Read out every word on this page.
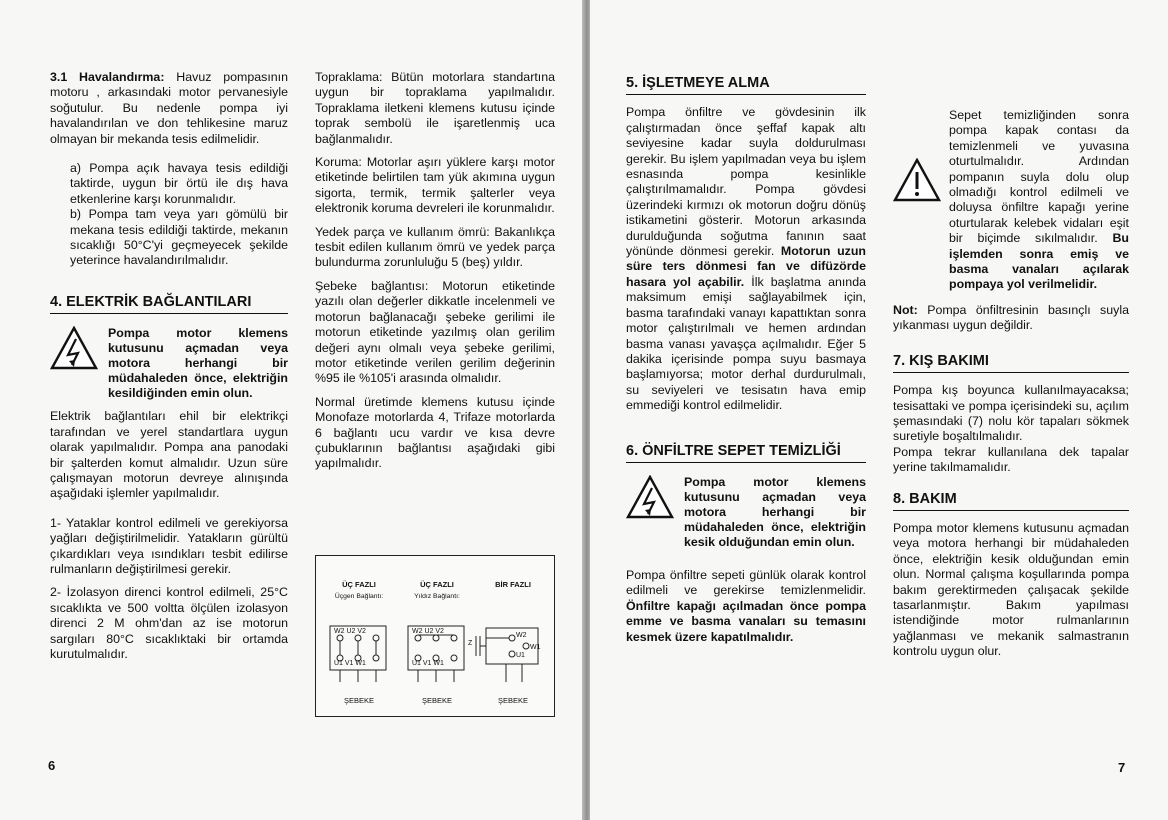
3.1 Havalandırma: Havuz pompasının motoru , arkasındaki motor pervanesiyle soğutulur. Bu nedenle pompa iyi havalandırılan ve don tehlikesine maruz olmayan bir mekanda tesis edilmelidir.

a) Pompa açık havaya tesis edildiği taktirde, uygun bir örtü ile dış hava etkenlerine karşı korunmalıdır.

b) Pompa tam veya yarı gömülü bir mekana tesis edildiği taktirde, mekanın sıcaklığı 50°C'yi geçmeyecek şekilde yeterince havalandırılmalıdır.

4. ELEKTRİK BAĞLANTILARI
Pompa motor klemens kutusunu açmadan veya motora herhangi bir müdahaleden önce, elektriğin kesildiğinden emin olun.

Elektrik bağlantıları ehil bir elektrikçi tarafından ve yerel standartlara uygun olarak yapılmalıdır. Pompa ana panodaki bir şalterden komut almalıdır. Uzun süre çalışmayan motorun devreye alınışında aşağıdaki işlemler yapılmalıdır.

1- Yataklar kontrol edilmeli ve gerekiyorsa yağları değiştirilmelidir. Yatakların gürültü çıkardıkları veya ısındıkları tesbit edilirse rulmanların değiştirilmesi gerekir.

2- İzolasyon direnci kontrol edilmeli, 25°C sıcaklıkta ve 500 voltta ölçülen izolasyon direnci 2 M ohm'dan az ise motorun sargıları 80°C sıcaklıktaki bir ortamda kurutulmalıdır.

Topraklama: Bütün motorlara standartına uygun bir topraklama yapılmalıdır. Topraklama iletkeni klemens kutusu içinde toprak sembolü ile işaretlenmiş uca bağlanmalıdır.

Koruma: Motorlar aşırı yüklere karşı motor etiketinde belirtilen tam yük akımına uygun sigorta, termik, termik şalterler veya elektronik koruma devreleri ile korunmalıdır.

Yedek parça ve kullanım ömrü: Bakanlıkça tesbit edilen kullanım ömrü ve yedek parça bulundurma zorunluluğu 5 (beş) yıldır.

Şebeke bağlantısı: Motorun etiketinde yazılı olan değerler dikkatle incelenmeli ve motorun bağlanacağı şebeke gerilimi ile motorun etiketinde yazılmış olan gerilim değeri aynı olmalı veya şebeke gerilimi, motor etiketinde verilen gerilim değerinin %95 ile %105'i arasında olmalıdır.

Normal üretimde klemens kutusu içinde Monofaze motorlarda 4, Trifaze motorlarda 6 bağlantı ucu vardır ve kısa devre çubuklarının bağlantısı aşağıdaki gibi yapılmalıdır.

ÜÇ FAZLI
Üçgen Bağlantı:
ŞEBEKE
ÜÇ FAZLI
Yıldız Bağlantı:
ŞEBEKE
BİR FAZLI
ŞEBEKE
W2 U2 V2
U1 V1 W1
W2 U2 V2
U1 V1 W1
W2
W1
U1
Z
6
5. İŞLETMEYE ALMA

Pompa önfiltre ve gövdesinin ilk çalıştırmadan önce şeffaf kapak altı seviyesine kadar suyla doldurulması gerekir. Bu işlem yapılmadan veya bu işlem esnasında pompa kesinlikle çalıştırılmamalıdır. Pompa gövdesi üzerindeki kırmızı ok motorun doğru dönüş istikametini gösterir. Motorun arkasında durulduğunda soğutma fanının saat yönünde dönmesi gerekir. Motorun uzun süre ters dönmesi fan ve difüzörde hasara yol açabilir. İlk başlatma anında maksimum emişi sağlayabilmek için, basma tarafındaki vanayı kapattıktan sonra motor çalıştırılmalı ve hemen ardından basma vanası yavaşça açılmalıdır. Eğer 5 dakika içerisinde pompa suyu basmaya başlamıyorsa; motor derhal durdurulmalı, su seviyeleri ve tesisatın hava emip emmediği kontrol edilmelidir.

6. ÖNFİLTRE SEPET TEMİZLİĞİ
Pompa motor klemens kutusunu açmadan veya motora herhangi bir müdahaleden önce, elektriğin kesik olduğundan emin olun.

Pompa önfiltre sepeti günlük olarak kontrol edilmeli ve gerekirse temizlenmelidir. Önfiltre kapağı açılmadan önce pompa emme ve basma vanaları su temasını kesmek üzere kapatılmalıdır.

Sepet temizliğinden sonra pompa kapak contası da temizlenmeli ve yuvasına oturtulmalıdır. Ardından pompanın suyla dolu olup olmadığı kontrol edilmeli ve doluysa önfiltre kapağı yerine oturtularak kelebek vidaları eşit bir biçimde sıkılmalıdır. Bu işlemden sonra emiş ve basma vanaları açılarak pompaya yol verilmelidir.

Not: Pompa önfiltresinin basınçlı suyla yıkanması uygun değildir.

7. KIŞ BAKIMI

Pompa kış boyunca kullanılmayacaksa; tesisattaki ve pompa içerisindeki su, açılım şemasındaki (7) nolu kör tapaları sökmek suretiyle boşaltılmalıdır.

Pompa tekrar kullanılana dek tapalar yerine takılmamalıdır.

8. BAKIM

Pompa motor klemens kutusunu açmadan veya motora herhangi bir müdahaleden önce, elektriğin kesik olduğundan emin olun. Normal çalışma koşullarında pompa bakım gerektirmeden çalışacak şekilde tasarlanmıştır. Bakım yapılması istendiğinde motor rulmanlarının yağlanması ve mekanik salmastranın kontrolu uygun olur.

7
